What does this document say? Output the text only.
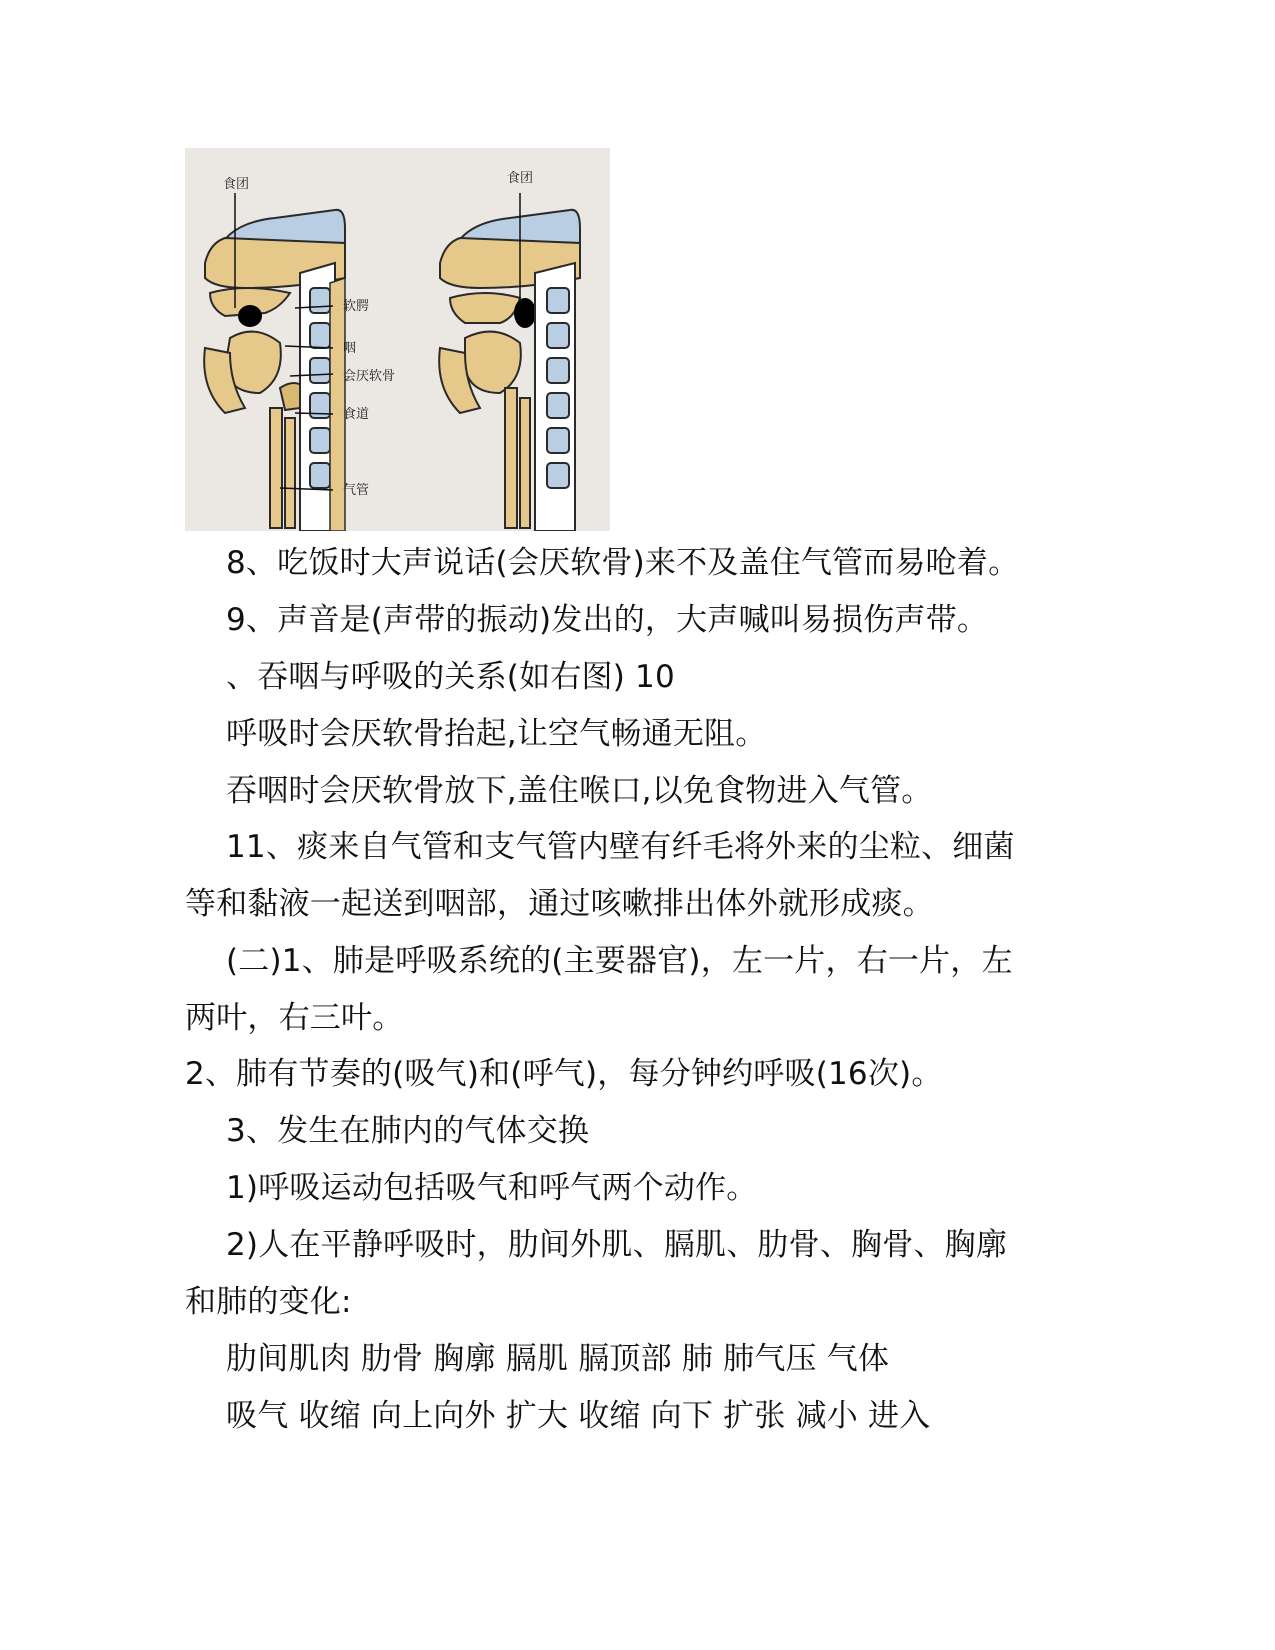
食团
软腭
咽
会厌软骨
食道
气管
食团
8、吃饭时大声说话(会厌软骨)来不及盖住气管而易呛着。
9、声音是(声带的振动)发出的，大声喊叫易损伤声带。
、吞咽与呼吸的关系(如右图) 10
呼吸时会厌软骨抬起,让空气畅通无阻。
吞咽时会厌软骨放下,盖住喉口,以免食物进入气管。
11、痰来自气管和支气管内壁有纤毛将外来的尘粒、细菌
等和黏液一起送到咽部，通过咳嗽排出体外就形成痰。
(二)1、肺是呼吸系统的(主要器官)，左一片，右一片，左
两叶，右三叶。
2、肺有节奏的(吸气)和(呼气)，每分钟约呼吸(16次)。
3、发生在肺内的气体交换
1)呼吸运动包括吸气和呼气两个动作。
2)人在平静呼吸时，肋间外肌、膈肌、肋骨、胸骨、胸廓
和肺的变化:
肋间肌肉 肋骨 胸廓 膈肌 膈顶部 肺 肺气压 气体
吸气 收缩 向上向外 扩大 收缩 向下 扩张 减小 进入
